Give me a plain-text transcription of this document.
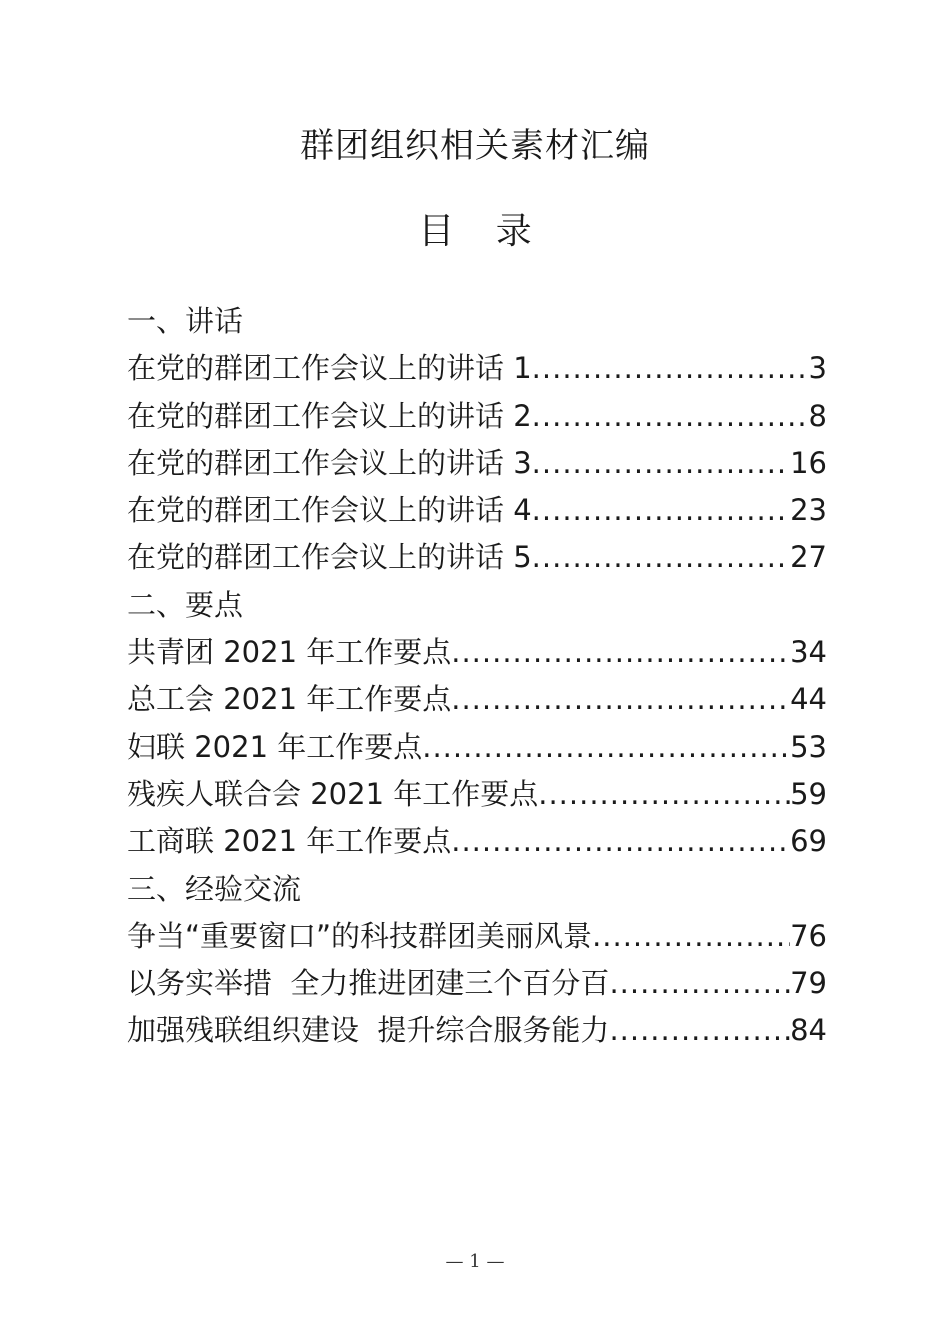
群团组织相关素材汇编
目 录
一、讲话
在党的群团工作会议上的讲话 1 .....	3
在党的群团工作会议上的讲话 2 .....	8
在党的群团工作会议上的讲话 3 .....	16
在党的群团工作会议上的讲话 4 .....	23
在党的群团工作会议上的讲话 5 .....	27
二、要点
共青团 2021 年工作要点 .....	34
总工会 2021 年工作要点 .....	44
妇联 2021 年工作要点 .....	53
残疾人联合会 2021 年工作要点 .....	59
工商联 2021 年工作要点 .....	69
三、经验交流
争当“重要窗口”的科技群团美丽风景 .....	76
以务实举措  全力推进团建三个百分百 .....	79
加强残联组织建设  提升综合服务能力 .....	84
— 1 —
